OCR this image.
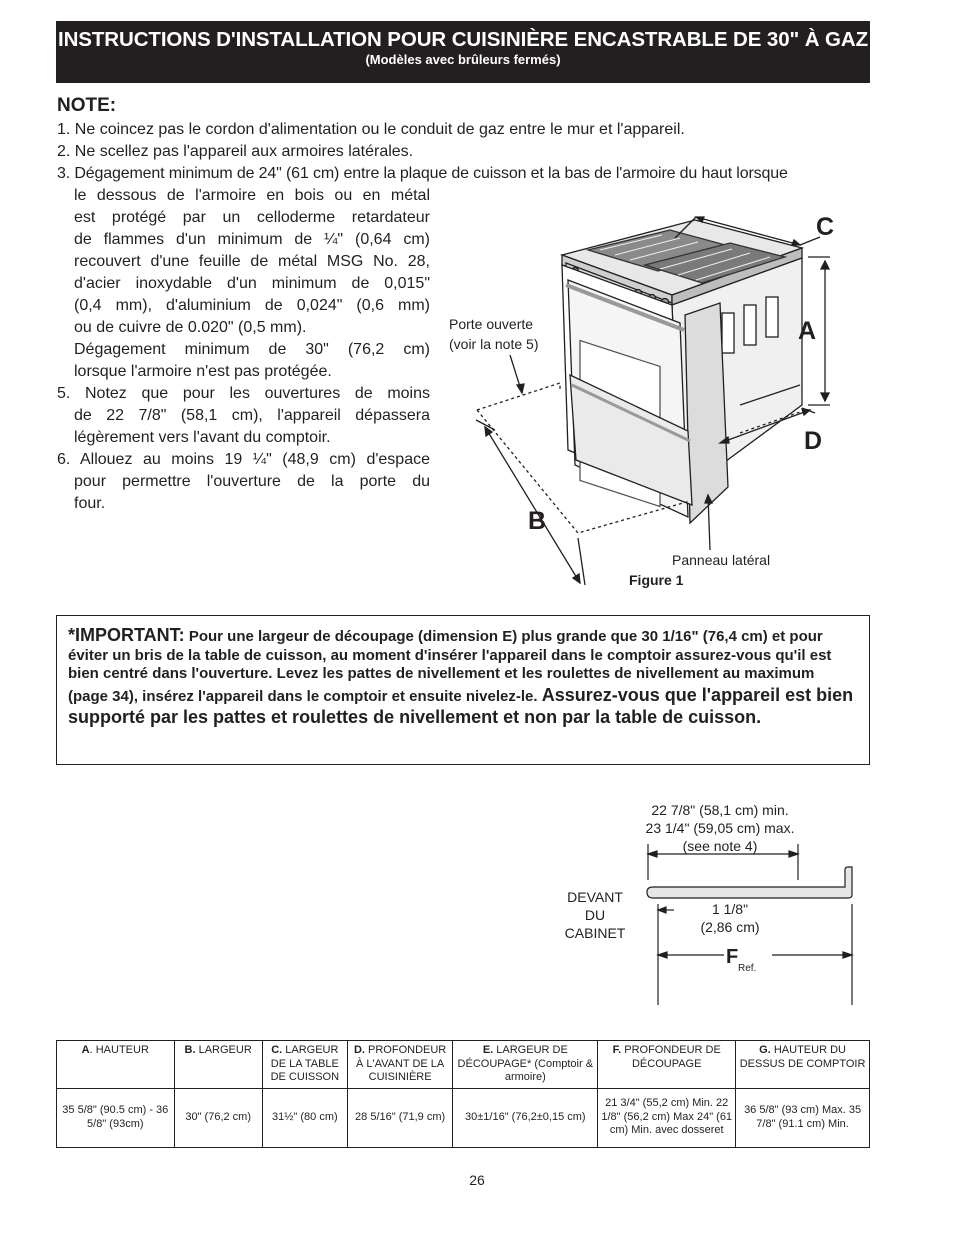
INSTRUCTIONS D'INSTALLATION POUR CUISINIÈRE ENCASTRABLE DE 30" À GAZ
(Modèles avec brûleurs fermés)
NOTE:
1. Ne coincez pas le cordon d'alimentation ou le conduit de gaz entre le mur et l'appareil.
2. Ne scellez pas l'appareil aux armoires latérales.
3. Dégagement minimum de 24" (61 cm) entre la plaque de cuisson et la bas de l'armoire du haut lorsque
le dessous de l'armoire en bois ou en métal
est protégé par un celloderme retardateur
de flammes d'un minimum de ¼" (0,64 cm)
recouvert d'une feuille de métal MSG No. 28,
d'acier inoxydable d'un minimum de 0,015"
(0,4 mm), d'aluminium de 0,024" (0,6 mm)
ou de cuivre de 0.020" (0,5 mm).
Dégagement minimum de 30" (76,2 cm)
lorsque l'armoire n'est pas protégée.
5. Notez que pour les ouvertures de moins
de 22 7/8" (58,1 cm), l'appareil dépassera
légèrement vers l'avant du comptoir.
6. Allouez au moins 19 ¼" (48,9 cm) d'espace
pour permettre l'ouverture de la porte du
four.
C
A
D
B
Porte ouverte
(voir la note 5)
Panneau latéral
Figure 1
*IMPORTANT: Pour une largeur de découpage (dimension E) plus grande que 30 1/16" (76,4 cm) et pour éviter un bris de la table de cuisson, au moment d'insérer l'appareil dans le comptoir assurez-vous qu'il est bien centré dans l'ouverture. Levez les pattes de nivellement et les roulettes de nivellement au maximum (page 34), insérez l'appareil dans le comptoir et ensuite nivelez-le. Assurez-vous que l'appareil est bien supporté par les pattes et roulettes de nivellement et non par la table de cuisson.
22 7/8" (58,1 cm) min.
23 1/4" (59,05 cm) max.
(see note 4)
DEVANT
DU
CABINET
1 1/8"
(2,86 cm)
F
Ref.
A. HAUTEUR	B. LARGEUR	C. LARGEUR DE LA TABLE DE CUISSON	D. PROFONDEUR À L'AVANT DE LA CUISINIÈRE	E. LARGEUR DE DÉCOUPAGE* (Comptoir & armoire)	F. PROFONDEUR DE DÉCOUPAGE	G. HAUTEUR DU DESSUS DE COMPTOIR
35 5/8" (90.5 cm) - 36 5/8" (93cm)	30" (76,2 cm)	31½" (80 cm)	28 5/16" (71,9 cm)	30±1/16" (76,2±0,15 cm)	21 3/4" (55,2 cm) Min. 22 1/8" (56,2 cm) Max 24" (61 cm) Min. avec dosseret	36 5/8" (93 cm) Max. 35 7/8" (91.1 cm) Min.
26
